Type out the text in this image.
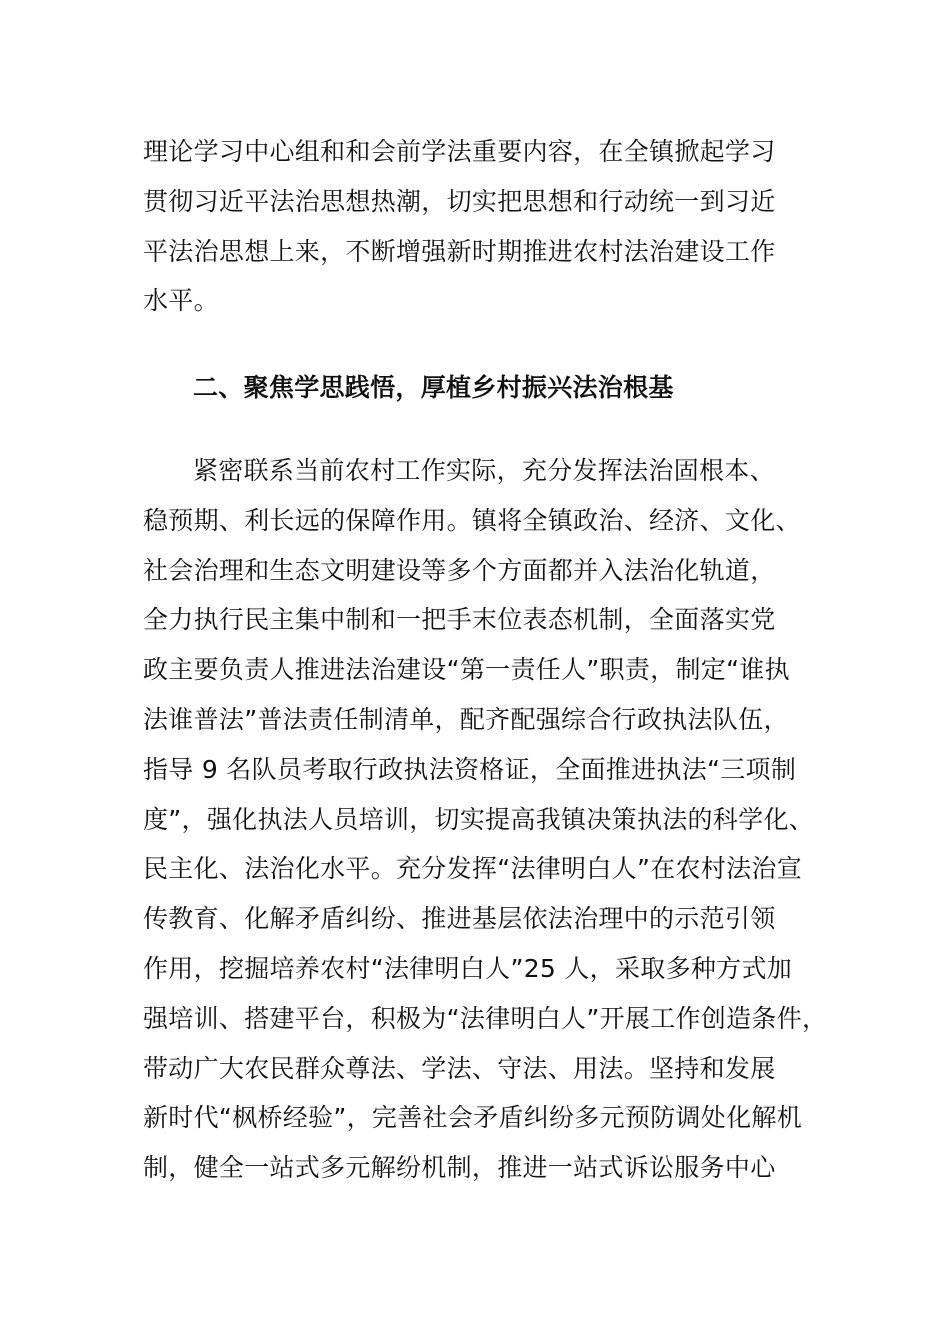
理论学习中心组和和会前学法重要内容，在全镇掀起学习
贯彻习近平法治思想热潮，切实把思想和行动统一到习近
平法治思想上来，不断增强新时期推进农村法治建设工作
水平。
二、聚焦学思践悟，厚植乡村振兴法治根基
紧密联系当前农村工作实际，充分发挥法治固根本、
稳预期、利长远的保障作用。镇将全镇政治、经济、文化、
社会治理和生态文明建设等多个方面都并入法治化轨道，
全力执行民主集中制和一把手末位表态机制，全面落实党
政主要负责人推进法治建设“第一责任人”职责，制定“谁执
法谁普法”普法责任制清单，配齐配强综合行政执法队伍，
指导 9 名队员考取行政执法资格证，全面推进执法“三项制
度”，强化执法人员培训，切实提高我镇决策执法的科学化、
民主化、法治化水平。充分发挥“法律明白人”在农村法治宣
传教育、化解矛盾纠纷、推进基层依法治理中的示范引领
作用，挖掘培养农村“法律明白人”25 人，采取多种方式加
强培训、搭建平台，积极为“法律明白人”开展工作创造条件，
带动广大农民群众尊法、学法、守法、用法。坚持和发展
新时代“枫桥经验”，完善社会矛盾纠纷多元预防调处化解机
制，健全一站式多元解纷机制，推进一站式诉讼服务中心
